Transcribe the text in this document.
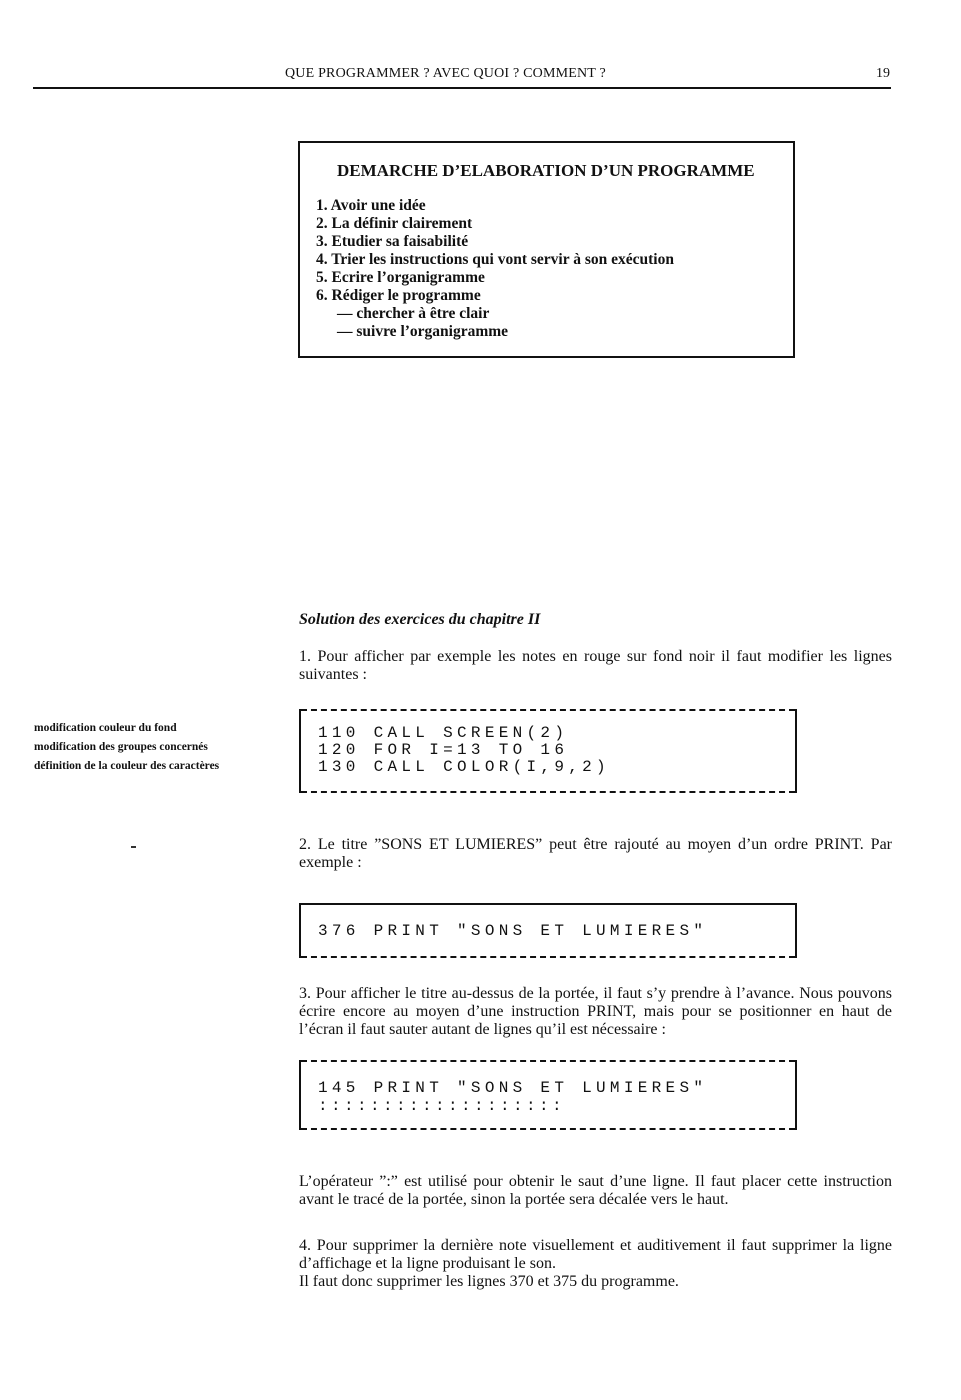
QUE PROGRAMMER ? AVEC QUOI ? COMMENT ?	19
DEMARCHE D’ELABORATION D’UN PROGRAMME
1. Avoir une idée
2. La définir clairement
3. Etudier sa faisabilité
4. Trier les instructions qui vont servir à son exécution
5. Ecrire l’organigramme
6. Rédiger le programme
— chercher à être clair
— suivre l’organigramme
Solution des exercices du chapitre II
1. Pour afficher par exemple les notes en rouge sur fond noir il faut modifier les lignes suivantes :
modification couleur du fond
modification des groupes concernés
définition de la couleur des caractères
110 CALL SCREEN(2)
120 FOR I=13 TO 16
130 CALL COLOR(I,9,2)
2. Le titre ”SONS ET LUMIERES” peut être rajouté au moyen d’un ordre PRINT. Par exemple :
376 PRINT "SONS ET LUMIERES"
3. Pour afficher le titre au-dessus de la portée, il faut s’y prendre à l’avance. Nous pouvons écrire encore au moyen d’une instruction PRINT, mais pour se positionner en haut de l’écran il faut sauter autant de lignes qu’il est nécessaire :
145 PRINT "SONS ET LUMIERES"
:::::::::::::::::::
L’opérateur ”:” est utilisé pour obtenir le saut d’une ligne. Il faut placer cette instruction avant le tracé de la portée, sinon la portée sera décalée vers le haut.
4. Pour supprimer la dernière note visuellement et auditivement il faut supprimer la ligne d’affichage et la ligne produisant le son.
Il faut donc supprimer les lignes 370 et 375 du programme.
